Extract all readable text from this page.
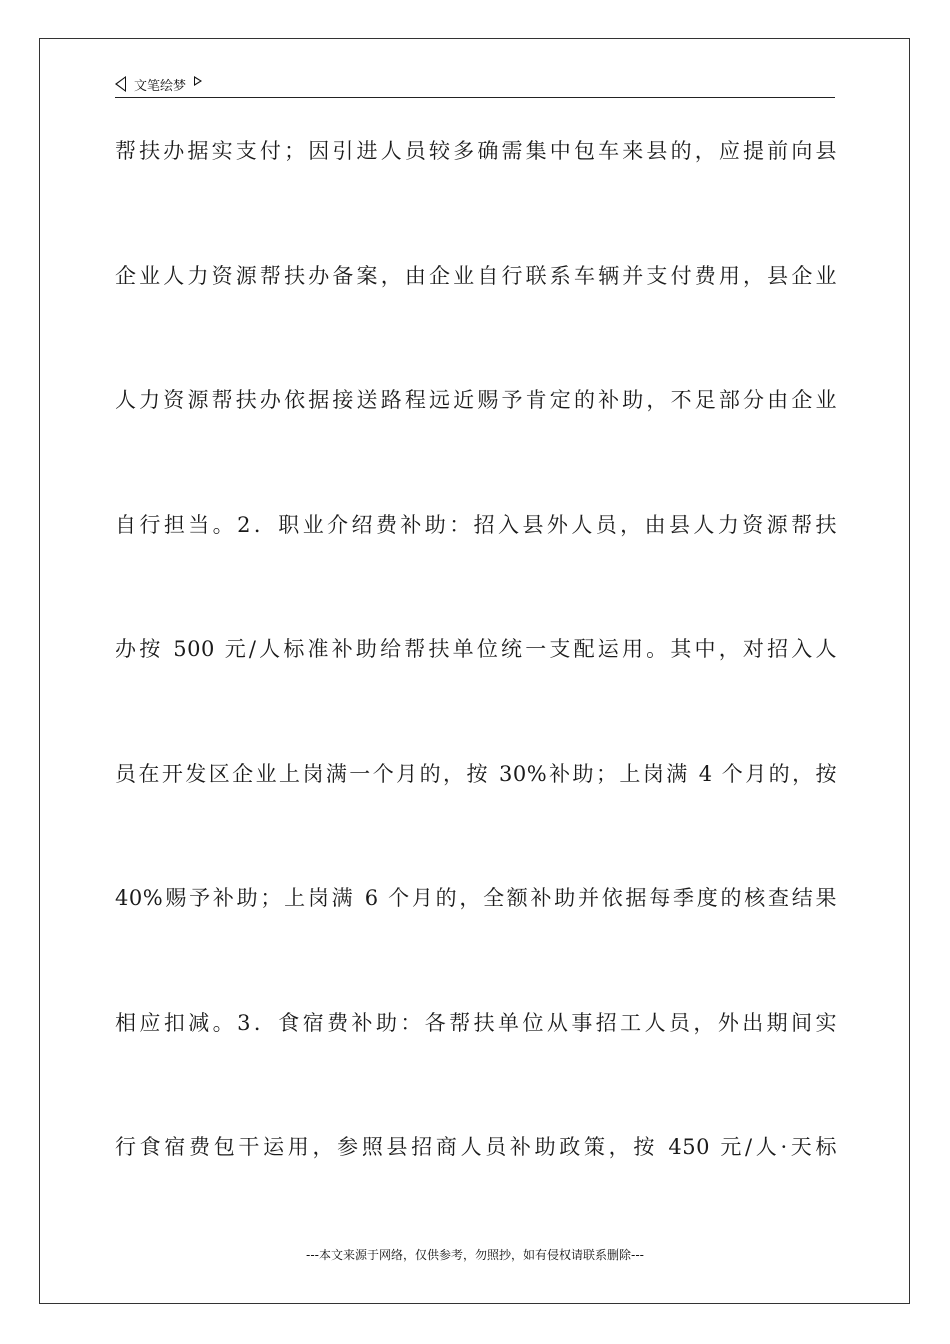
文笔绘梦
帮扶办据实支付；因引进人员较多确需集中包车来县的，应提前向县
企业人力资源帮扶办备案，由企业自行联系车辆并支付费用，县企业
人力资源帮扶办依据接送路程远近赐予肯定的补助，不足部分由企业
自行担当。2．职业介绍费补助：招入县外人员，由县人力资源帮扶
办按 500 元/人标准补助给帮扶单位统一支配运用。其中，对招入人
员在开发区企业上岗满一个月的，按 30%补助；上岗满 4 个月的，按
40%赐予补助；上岗满 6 个月的，全额补助并依据每季度的核查结果
相应扣减。3．食宿费补助：各帮扶单位从事招工人员，外出期间实
行食宿费包干运用，参照县招商人员补助政策，按 450 元/人·天标
---本文来源于网络，仅供参考，勿照抄，如有侵权请联系删除---
